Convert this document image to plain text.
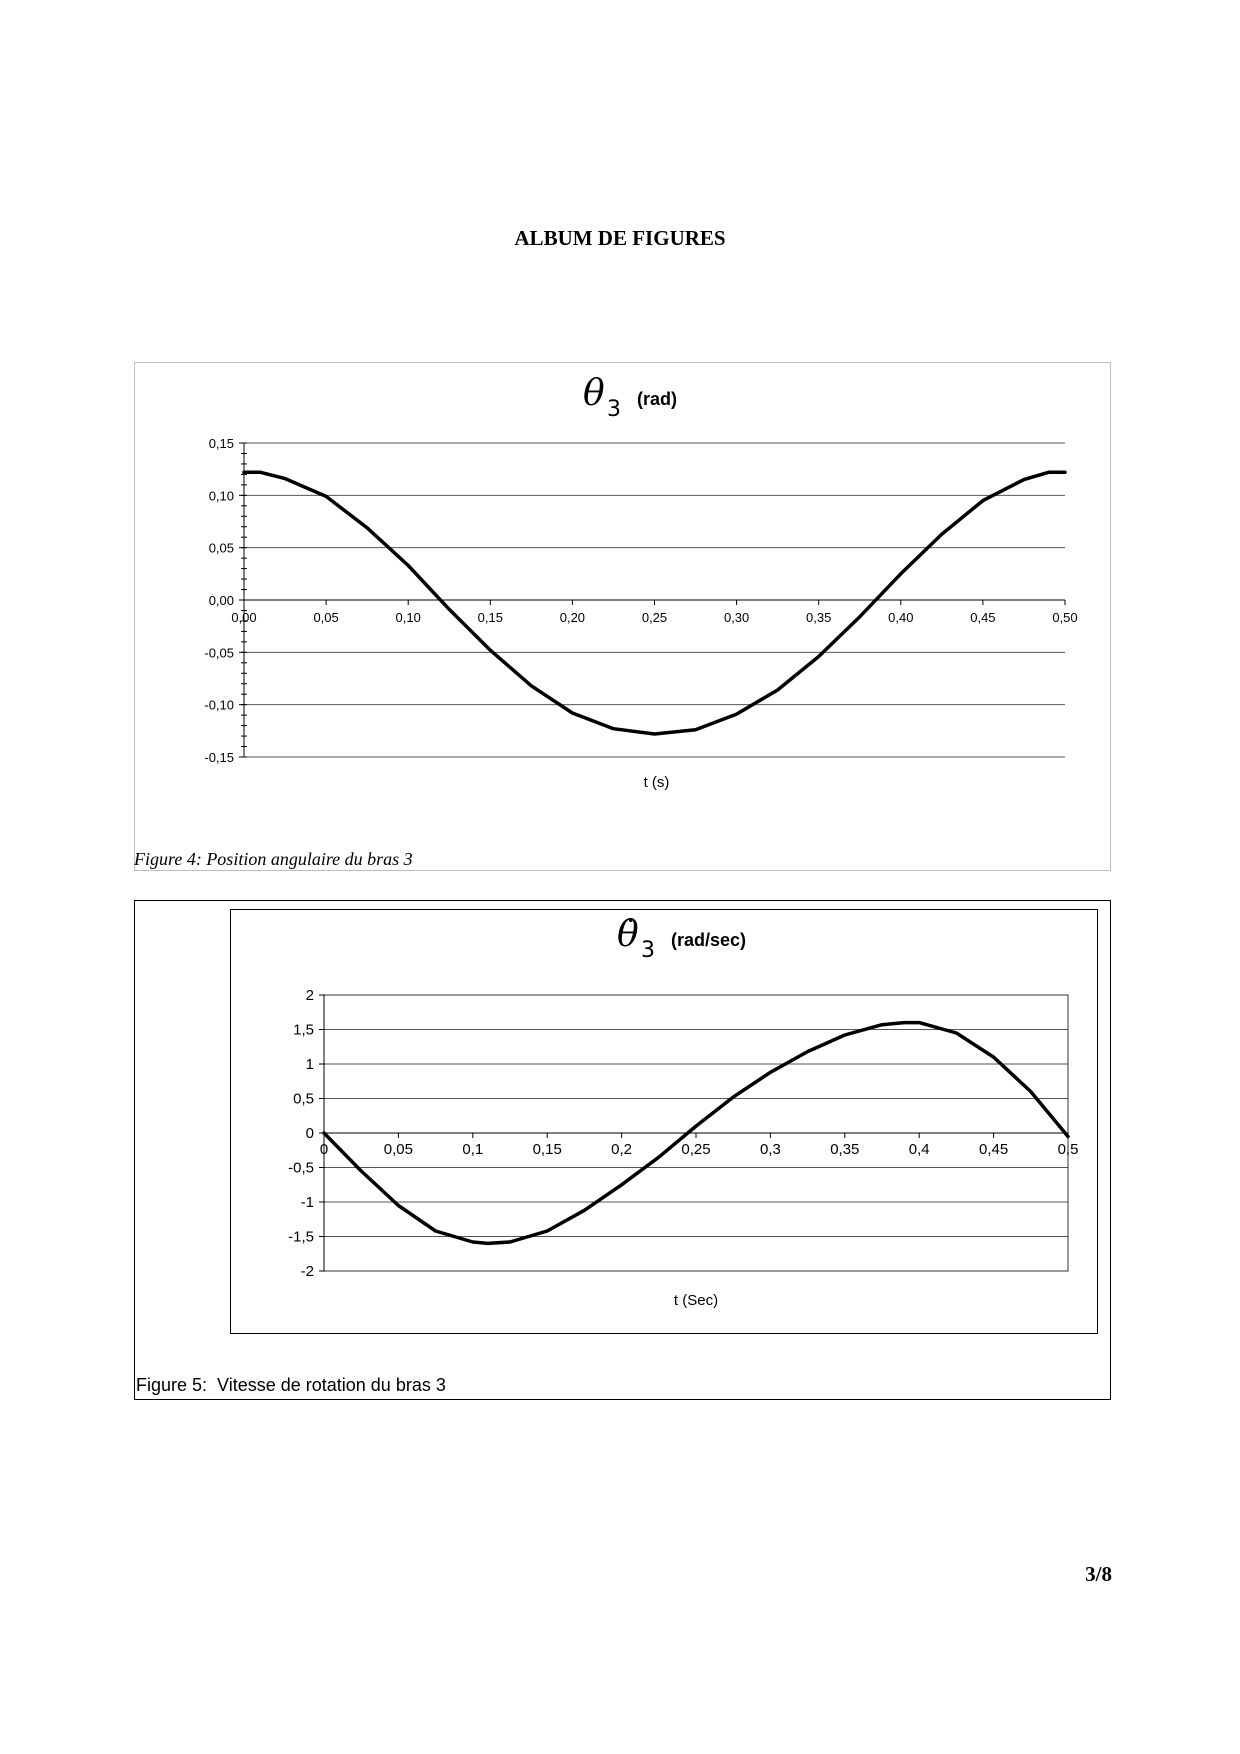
ALBUM DE FIGURES
0,15
0,10
0,05
0,00
-0,05
-0,10
-0,15
0,00	0,05	0,10	0,15	0,20	0,25	0,30	0,35	0,40	0,45	0,50
θ 3 (rad)
t (s)
2
1,5
1
0,5
0
-0,5
-1
-1,5
-2
0	0,05	0,1	0,15	0,2	0,25	0,3	0,35	0,4	0,45	0,5
θ̇ 3 (rad/sec)
t (Sec)
Figure 4: Position angulaire du bras 3
Figure 5:  Vitesse de rotation du bras 3
3/8
